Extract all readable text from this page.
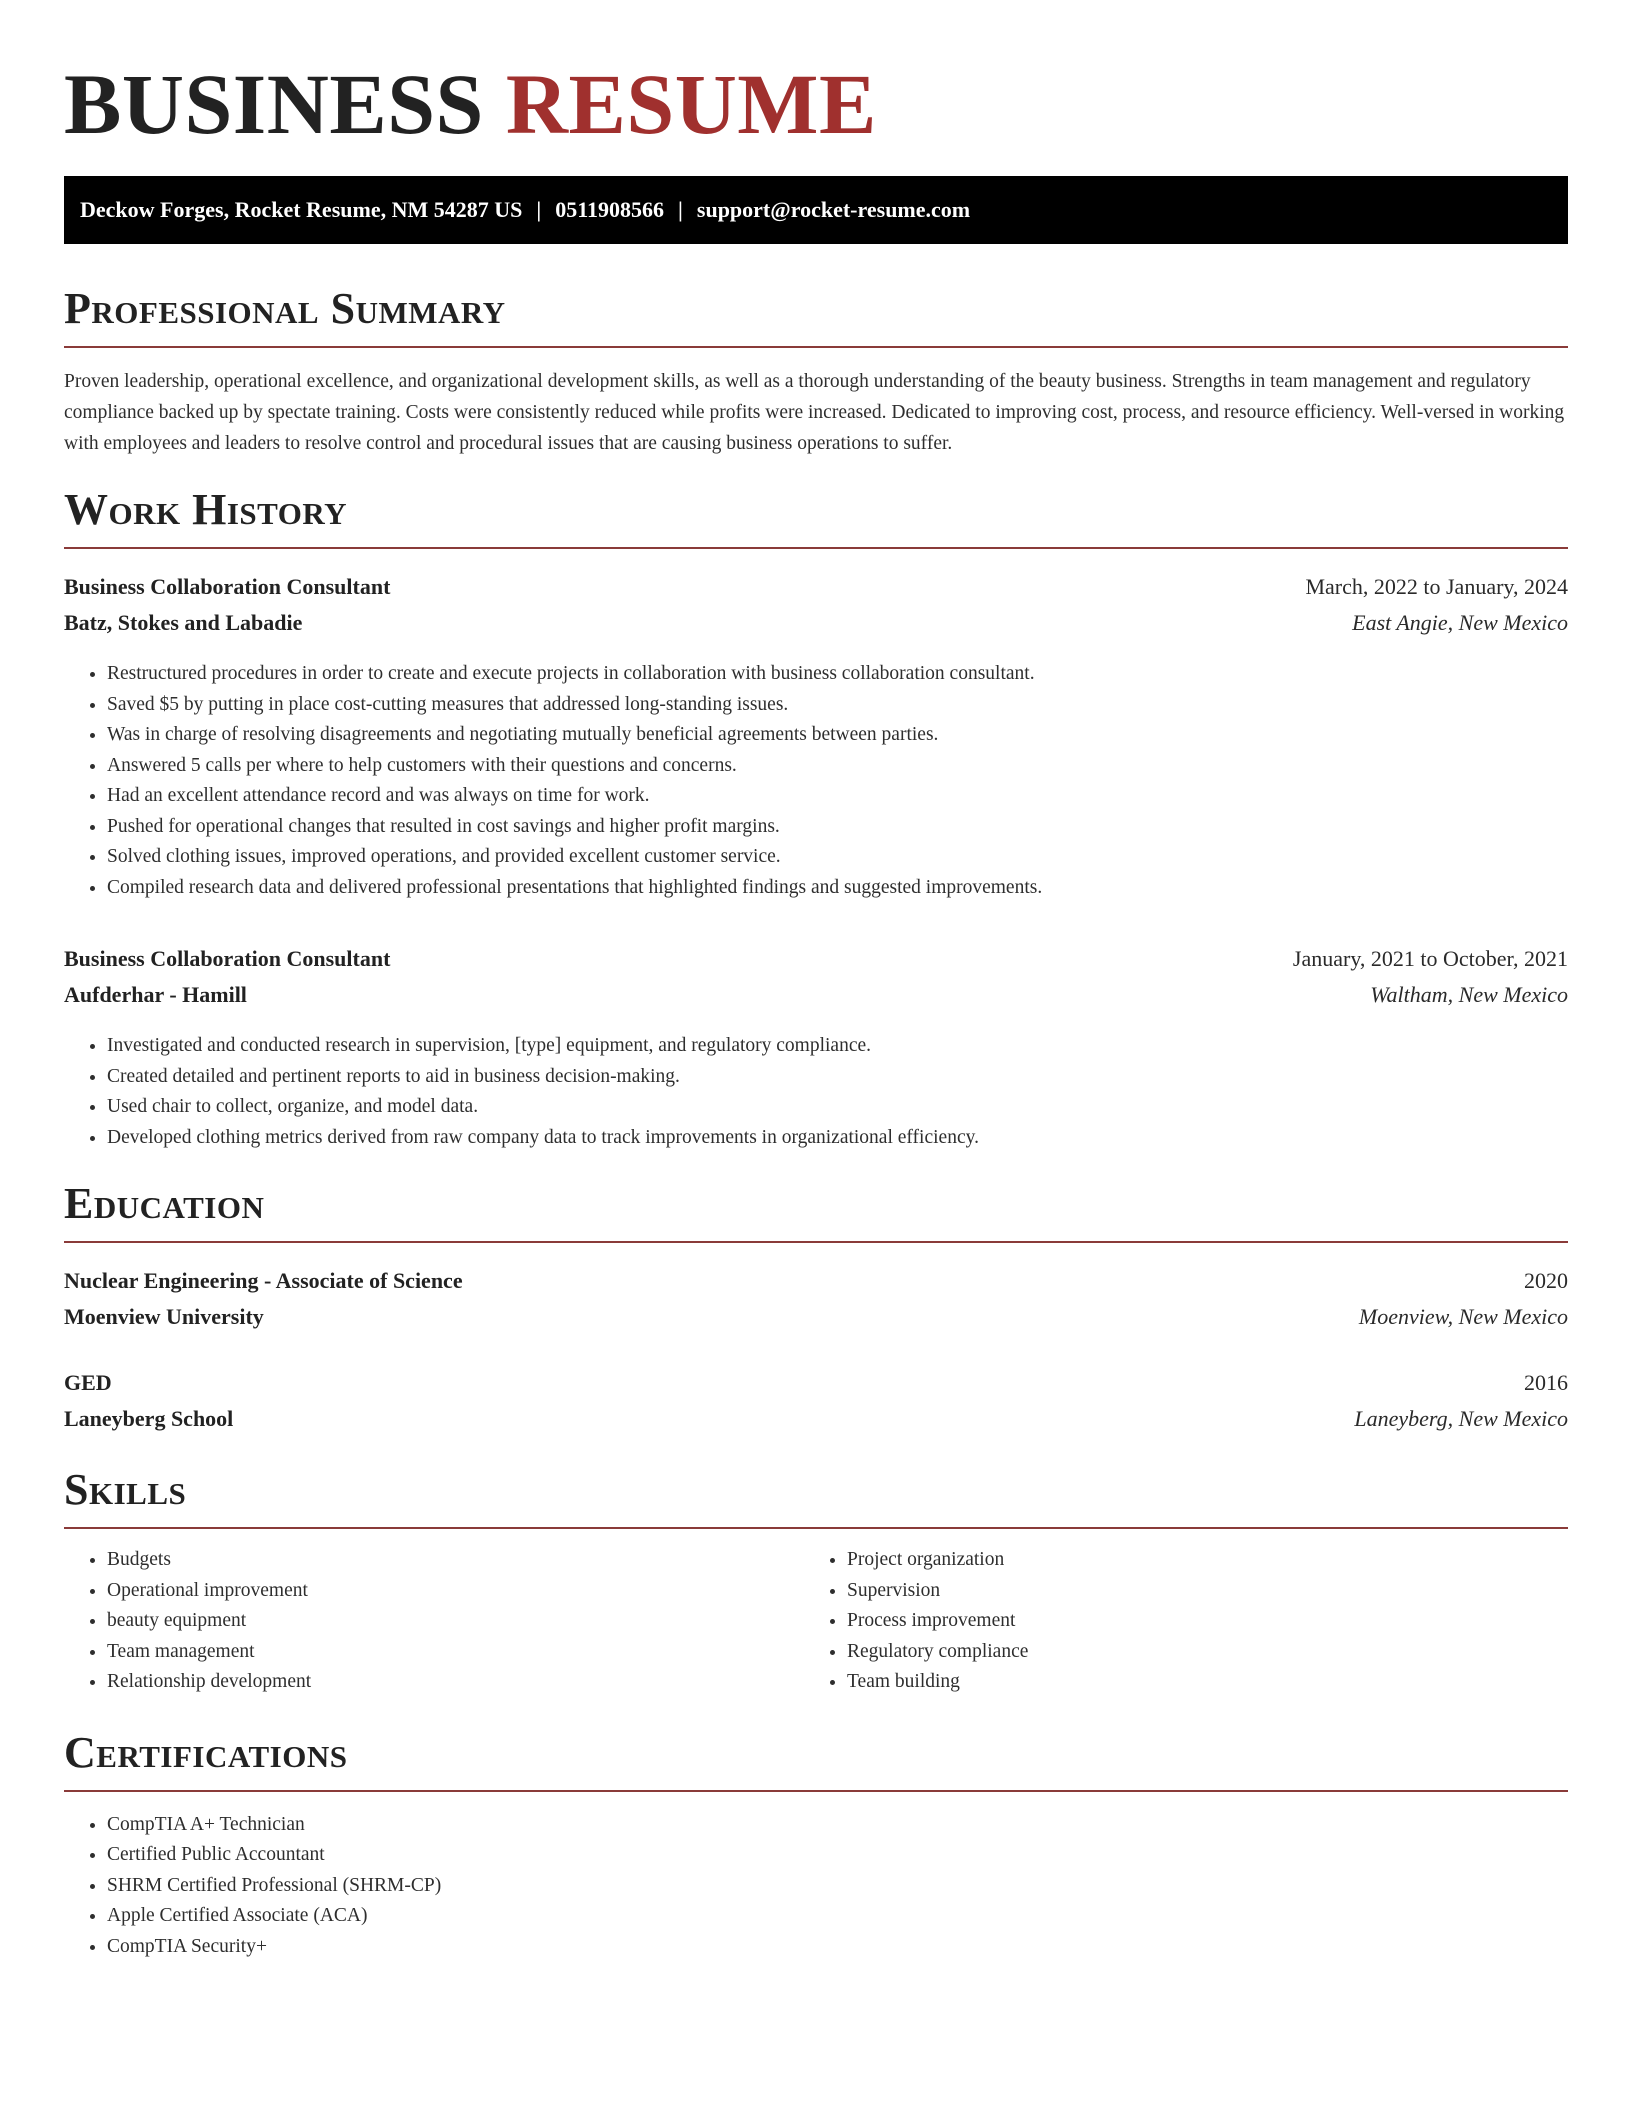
BUSINESS RESUME
Deckow Forges, Rocket Resume, NM 54287 US | 0511908566 | support@rocket-resume.com
Professional Summary

Proven leadership, operational excellence, and organizational development skills, as well as a thorough understanding of the beauty business. Strengths in team management and regulatory compliance backed up by spectate training. Costs were consistently reduced while profits were increased. Dedicated to improving cost, process, and resource efficiency. Well-versed in working with employees and leaders to resolve control and procedural issues that are causing business operations to suffer.

Work History
Business Collaboration Consultant	March, 2022 to January, 2024
Batz, Stokes and Labadie	East Angie, New Mexico
• Restructured procedures in order to create and execute projects in collaboration with business collaboration consultant.
• Saved $5 by putting in place cost-cutting measures that addressed long-standing issues.
• Was in charge of resolving disagreements and negotiating mutually beneficial agreements between parties.
• Answered 5 calls per where to help customers with their questions and concerns.
• Had an excellent attendance record and was always on time for work.
• Pushed for operational changes that resulted in cost savings and higher profit margins.
• Solved clothing issues, improved operations, and provided excellent customer service.
• Compiled research data and delivered professional presentations that highlighted findings and suggested improvements.
Business Collaboration Consultant	January, 2021 to October, 2021
Aufderhar - Hamill	Waltham, New Mexico
• Investigated and conducted research in supervision, [type] equipment, and regulatory compliance.
• Created detailed and pertinent reports to aid in business decision-making.
• Used chair to collect, organize, and model data.
• Developed clothing metrics derived from raw company data to track improvements in organizational efficiency.
Education
Nuclear Engineering - Associate of Science	2020
Moenview University	Moenview, New Mexico
GED	2016
Laneyberg School	Laneyberg, New Mexico
Skills
• Budgets
• Operational improvement
• beauty equipment
• Team management
• Relationship development
• Project organization
• Supervision
• Process improvement
• Regulatory compliance
• Team building
Certifications
• CompTIA A+ Technician
• Certified Public Accountant
• SHRM Certified Professional (SHRM-CP)
• Apple Certified Associate (ACA)
• CompTIA Security+
